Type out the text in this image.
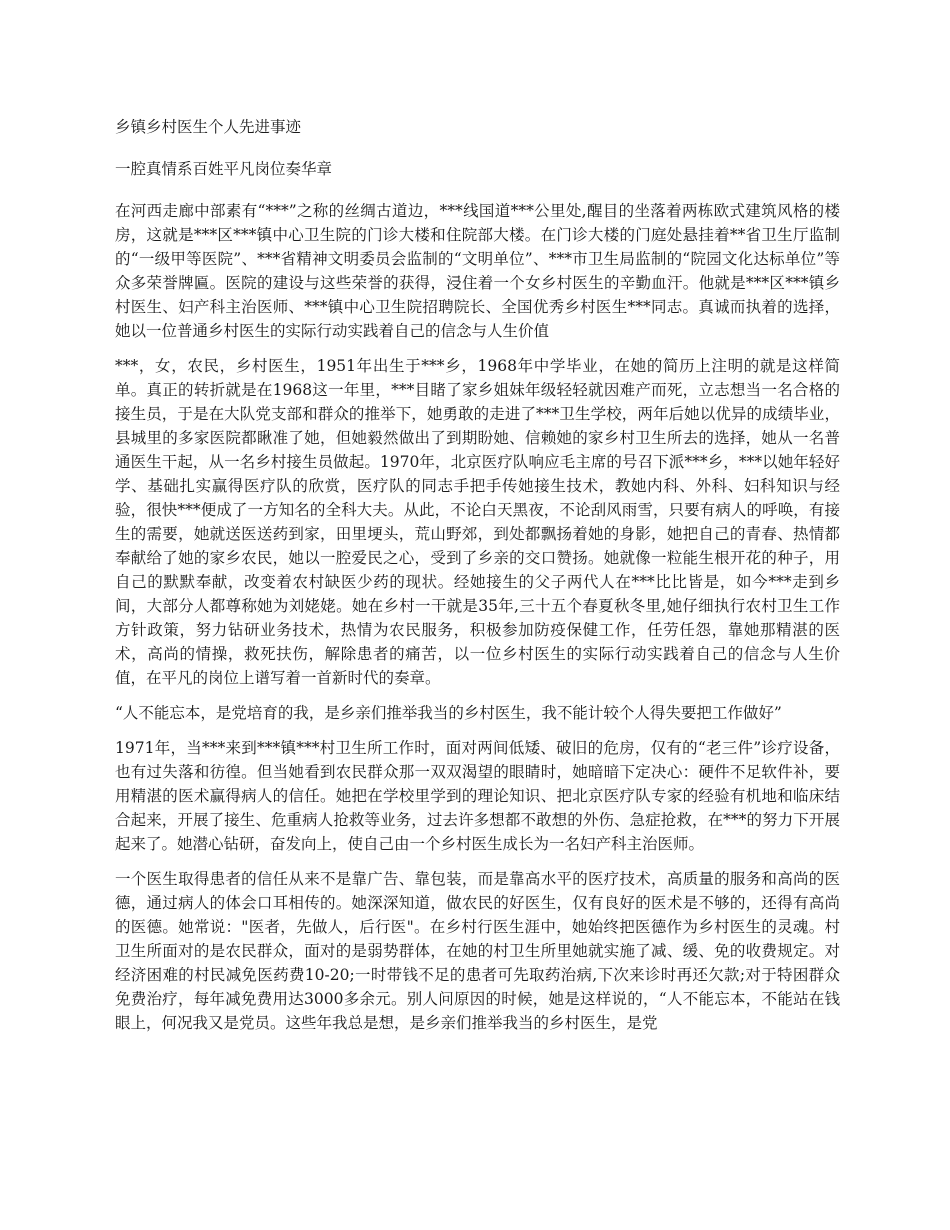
乡镇乡村医生个人先进事迹

一腔真情系百姓平凡岗位奏华章

在河西走廊中部素有“***”之称的丝绸古道边，***线国道***公里处,醒目的坐落着两栋欧式建筑风格的楼房，这就是***区***镇中心卫生院的门诊大楼和住院部大楼。在门诊大楼的门庭处悬挂着**省卫生厅监制的“一级甲等医院”、***省精神文明委员会监制的“文明单位”、***市卫生局监制的“院园文化达标单位”等众多荣誉牌匾。医院的建设与这些荣誉的获得，浸住着一个女乡村医生的辛勤血汗。他就是***区***镇乡村医生、妇产科主治医师、***镇中心卫生院招聘院长、全国优秀乡村医生***同志。真诚而执着的选择，她以一位普通乡村医生的实际行动实践着自己的信念与人生价值

***，女，农民，乡村医生，1951年出生于***乡，1968年中学毕业，在她的简历上注明的就是这样简单。真正的转折就是在1968这一年里，***目睹了家乡姐妹年级轻轻就因难产而死，立志想当一名合格的接生员，于是在大队党支部和群众的推举下，她勇敢的走进了***卫生学校，两年后她以优异的成绩毕业，县城里的多家医院都瞅准了她，但她毅然做出了到期盼她、信赖她的家乡村卫生所去的选择，她从一名普通医生干起，从一名乡村接生员做起。1970年，北京医疗队响应毛主席的号召下派***乡，***以她年轻好学、基础扎实赢得医疗队的欣赏，医疗队的同志手把手传她接生技术，教她内科、外科、妇科知识与经验，很快***便成了一方知名的全科大夫。从此，不论白天黑夜，不论刮风雨雪，只要有病人的呼唤，有接生的需要，她就送医送药到家，田里埂头，荒山野郊，到处都飘扬着她的身影，她把自己的青春、热情都奉献给了她的家乡农民，她以一腔爱民之心，受到了乡亲的交口赞扬。她就像一粒能生根开花的种子，用自己的默默奉献，改变着农村缺医少药的现状。经她接生的父子两代人在***比比皆是，如今***走到乡间，大部分人都尊称她为刘姥姥。她在乡村一干就是35年,三十五个春夏秋冬里,她仔细执行农村卫生工作方针政策，努力钻研业务技术，热情为农民服务，积极参加防疫保健工作，任劳任怨，靠她那精湛的医术，高尚的情操，救死扶伤，解除患者的痛苦，以一位乡村医生的实际行动实践着自己的信念与人生价值，在平凡的岗位上谱写着一首新时代的奏章。

“人不能忘本，是党培育的我，是乡亲们推举我当的乡村医生，我不能计较个人得失要把工作做好”

1971年，当***来到***镇***村卫生所工作时，面对两间低矮、破旧的危房，仅有的“老三件”诊疗设备，也有过失落和彷徨。但当她看到农民群众那一双双渴望的眼睛时，她暗暗下定决心：硬件不足软件补，要用精湛的医术赢得病人的信任。她把在学校里学到的理论知识、把北京医疗队专家的经验有机地和临床结合起来，开展了接生、危重病人抢救等业务，过去许多想都不敢想的外伤、急症抢救，在***的努力下开展起来了。她潜心钻研，奋发向上，使自己由一个乡村医生成长为一名妇产科主治医师。

一个医生取得患者的信任从来不是靠广告、靠包装，而是靠高水平的医疗技术，高质量的服务和高尚的医德，通过病人的体会口耳相传的。她深深知道，做农民的好医生，仅有良好的医术是不够的，还得有高尚的医德。她常说："医者，先做人，后行医"。在乡村行医生涯中，她始终把医德作为乡村医生的灵魂。村卫生所面对的是农民群众，面对的是弱势群体，在她的村卫生所里她就实施了减、缓、免的收费规定。对经济困难的村民减免医药费10-20;一时带钱不足的患者可先取药治病,下次来诊时再还欠款;对于特困群众免费治疗，每年减免费用达3000多余元。别人问原因的时候，她是这样说的，“人不能忘本，不能站在钱眼上，何况我又是党员。这些年我总是想，是乡亲们推举我当的乡村医生，是党
